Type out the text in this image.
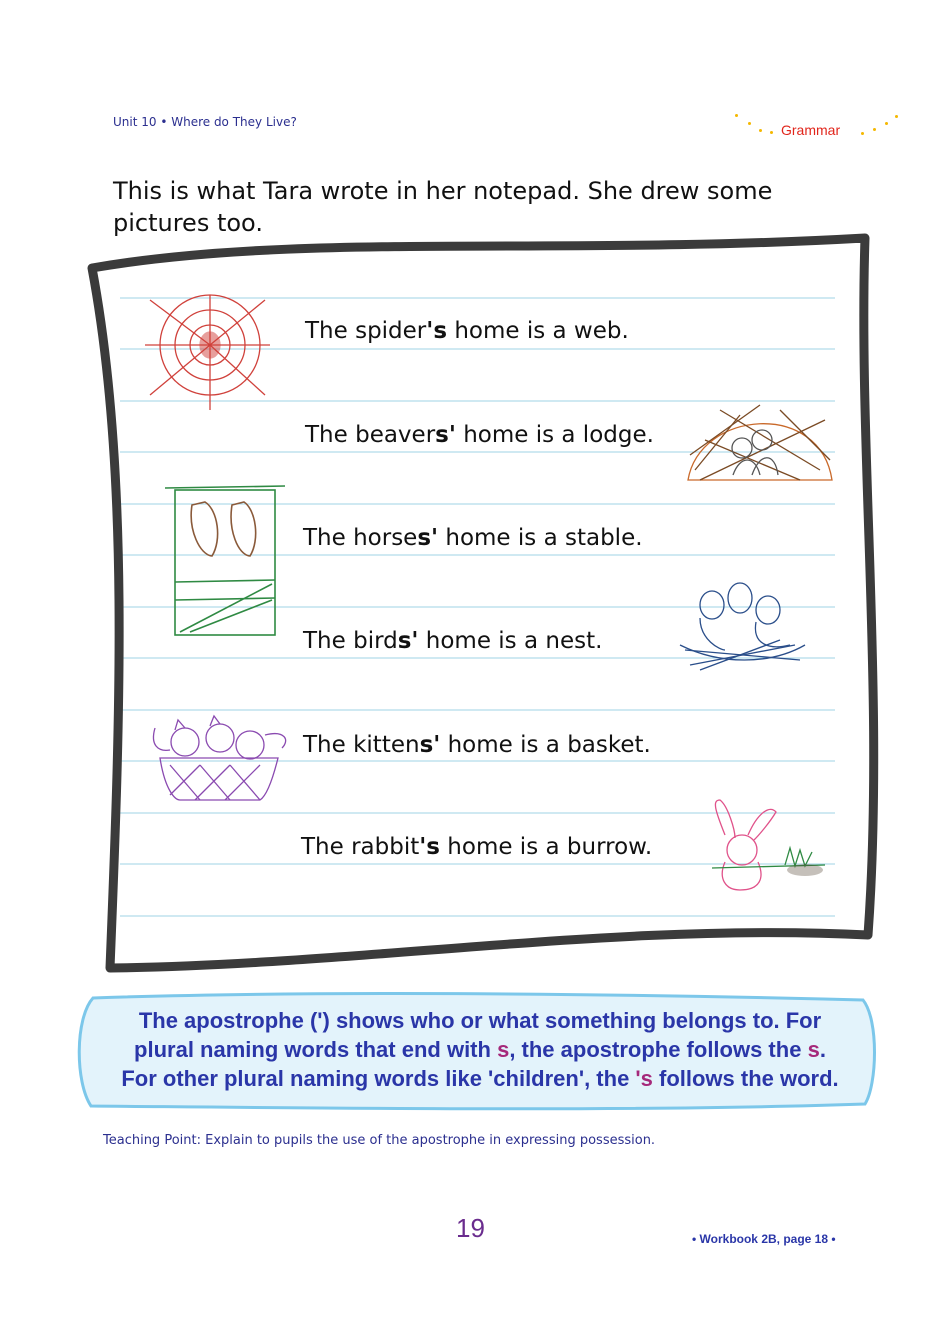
Unit 10 • Where do They Live?	Grammar
This is what Tara wrote in her notepad. She drew some pictures too.
The spider's home is a web.
The beavers' home is a lodge.
The horses' home is a stable.
The birds' home is a nest.
The kittens' home is a basket.
The rabbit's home is a burrow.
The apostrophe (') shows who or what something belongs to. For
plural naming words that end with s, the apostrophe follows the s.
For other plural naming words like 'children', the 's follows the word.
Teaching Point: Explain to pupils the use of the apostrophe in expressing possession.
19	• Workbook 2B, page 18 •
